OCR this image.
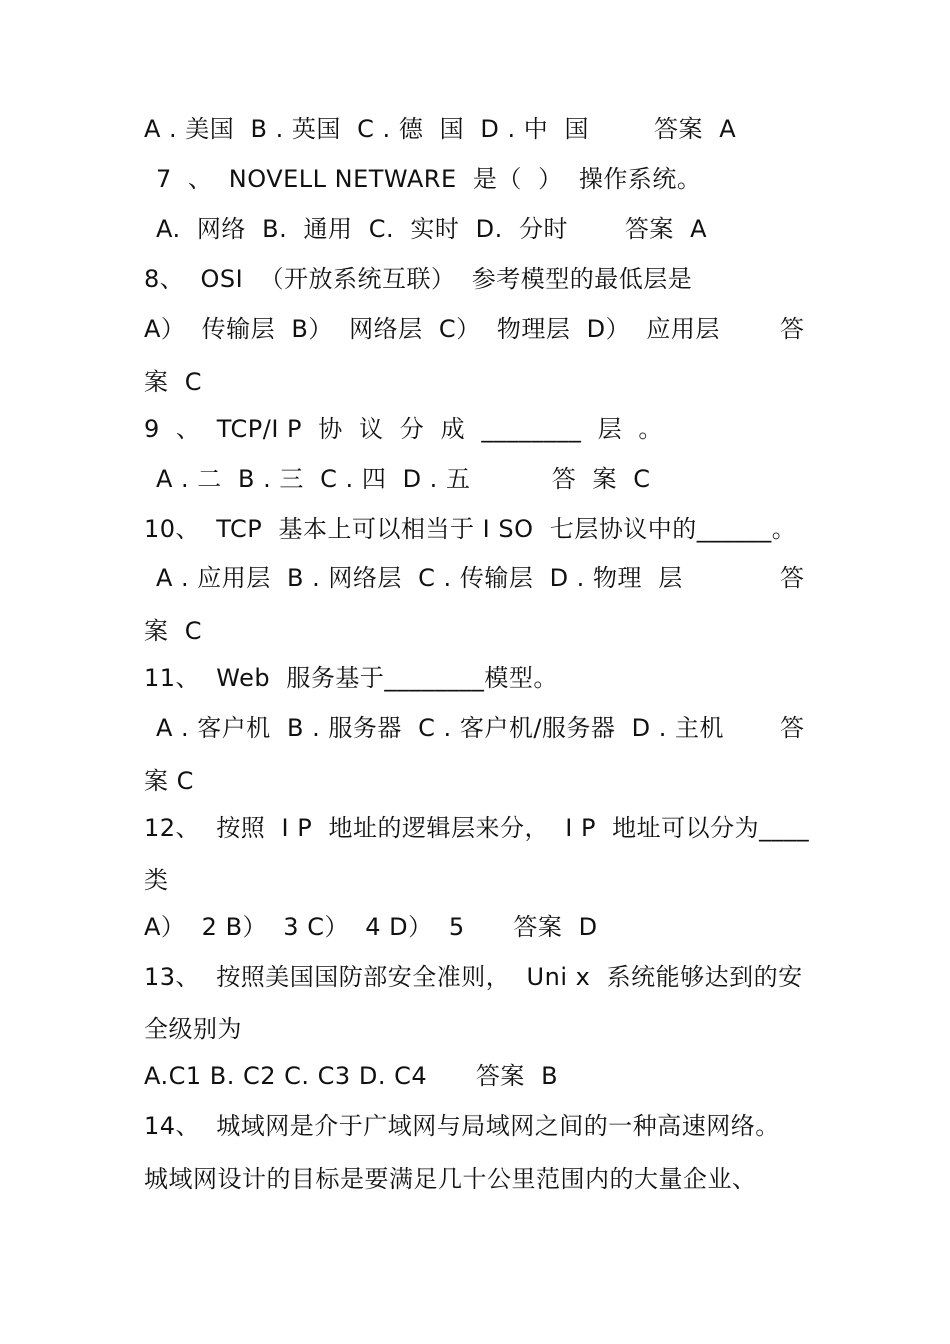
A . 美国  B . 英国  C . 德  国  D . 中  国        答案  A
7  、  NOVELL NETWARE  是（  ）  操作系统。
A.  网络  B.  通用  C.  实时  D.  分时       答案  A
8、  OSI  （开放系统互联）  参考模型的最低层是
A）  传输层  B）  网络层  C）  物理层  D）  应用层	答
案  C
9  、  TCP/I P  协  议  分  成  ________  层  。
A . 二  B . 三  C . 四  D . 五          答  案  C
10、  TCP  基本上可以相当于 I SO  七层协议中的______。
A . 应用层  B . 网络层  C . 传输层  D . 物理  层	答
案  C
11、  Web  服务基于________模型。
A . 客户机  B . 服务器  C . 客户机/服务器  D . 主机 答
案 C
12、  按照  I P  地址的逻辑层来分，  I P  地址可以分为____
类
A）  2 B）  3 C）  4 D）  5      答案  D
13、  按照美国国防部安全准则，  Uni x  系统能够达到的安
全级别为
A.C1 B. C2 C. C3 D. C4      答案  B
14、  城域网是介于广域网与局域网之间的一种高速网络。
城域网设计的目标是要满足几十公里范围内的大量企业、
